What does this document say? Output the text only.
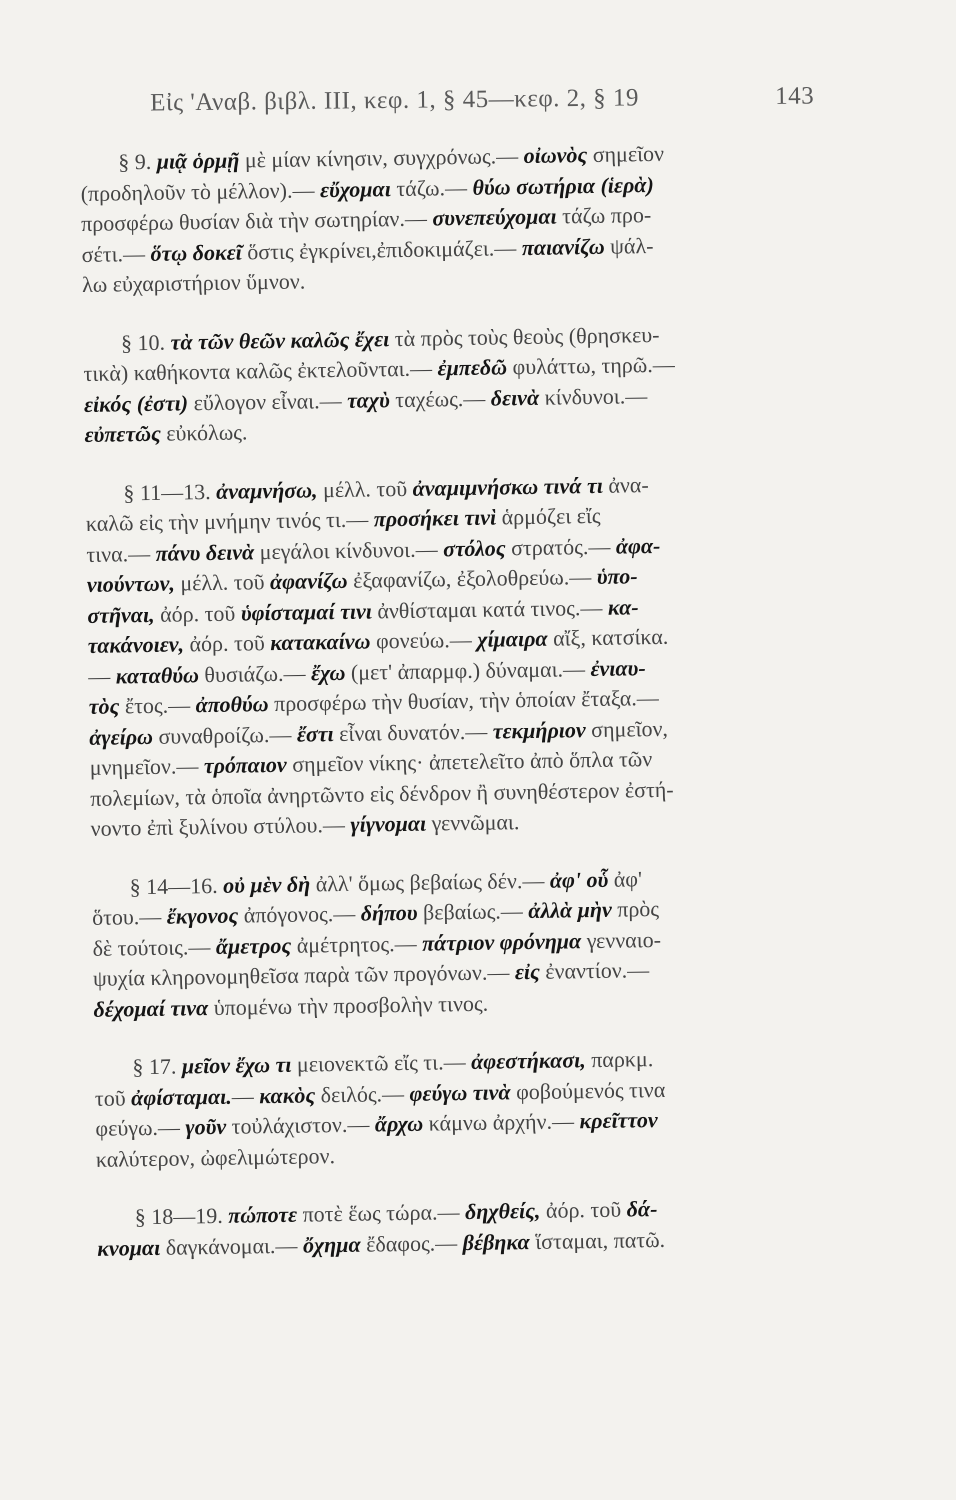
Εἰς 'Αναβ. βιβλ. III, κεφ. 1, § 45—κεφ. 2, § 19	143

§ 9. μιᾷ ὁρμῇ μὲ μίαν κίνησιν, συγχρόνως.— οἰωνὸς σημεῖον

(προδηλοῦν τὸ μέλλον).— εὔχομαι τάζω.— θύω σωτήρια (ἱερὰ)

προσφέρω θυσίαν διὰ τὴν σωτηρίαν.— συνεπεύχομαι τάζω προ-

σέτι.— ὅτῳ δοκεῖ ὅστις ἐγκρίνει,ἐπιδοκιμάζει.— παιανίζω ψάλ-

λω εὐχαριστήριον ὕμνον.

§ 10. τὰ τῶν θεῶν καλῶς ἔχει τὰ πρὸς τοὺς θεοὺς (θρησκευ-

τικὰ) καθήκοντα καλῶς ἐκτελοῦνται.— ἐμπεδῶ φυλάττω, τηρῶ.—

εἰκός (ἐστι) εὔλογον εἶναι.— ταχὺ ταχέως.— δεινὰ κίνδυνοι.—

εὐπετῶς εὐκόλως.

§ 11—13. ἀναμνήσω, μέλλ. τοῦ ἀναμιμνήσκω τινά τι ἀνα-

καλῶ εἰς τὴν μνήμην τινός τι.— προσήκει τινὶ ἁρμόζει εἴς

τινα.— πάνυ δεινὰ μεγάλοι κίνδυνοι.— στόλος στρατός.— ἀφα-

νιούντων, μέλλ. τοῦ ἀφανίζω ἐξαφανίζω, ἐξολοθρεύω.— ὑπο-

στῆναι, ἀόρ. τοῦ ὑφίσταμαί τινι ἀνθίσταμαι κατά τινος.— κα-

τακάνοιεν, ἀόρ. τοῦ κατακαίνω φονεύω.— χίμαιρα αἴξ, κατσίκα.

— καταθύω θυσιάζω.— ἔχω (μετ' ἀπαρμφ.) δύναμαι.— ἐνιαυ-

τὸς ἔτος.— ἀποθύω προσφέρω τὴν θυσίαν, τὴν ὁποίαν ἔταξα.—

ἀγείρω συναθροίζω.— ἔστι εἶναι δυνατόν.— τεκμήριον σημεῖον,

μνημεῖον.— τρόπαιον σημεῖον νίκης· ἀπετελεῖτο ἀπὸ ὅπλα τῶν

πολεμίων, τὰ ὁποῖα ἀνηρτῶντο εἰς δένδρον ἢ συνηθέστερον ἐστή-

νοντο ἐπὶ ξυλίνου στύλου.— γίγνομαι γεννῶμαι.

§ 14—16. οὐ μὲν δὴ ἀλλ' ὅμως βεβαίως δέν.— ἀφ' οὗ ἀφ'

ὅτου.— ἔκγονος ἀπόγονος.— δήπου βεβαίως.— ἀλλὰ μὴν πρὸς

δὲ τούτοις.— ἄμετρος ἀμέτρητος.— πάτριον φρόνημα γενναιο-

ψυχία κληρονομηθεῖσα παρὰ τῶν προγόνων.— εἰς ἐναντίον.—

δέχομαί τινα ὑπομένω τὴν προσβολὴν τινος.

§ 17. μεῖον ἔχω τι μειονεκτῶ εἴς τι.— ἀφεστήκασι, παρκμ.

τοῦ ἀφίσταμαι.— κακὸς δειλός.— φεύγω τινὰ φοβούμενός τινα

φεύγω.— γοῦν τοὐλάχιστον.— ἄρχω κάμνω ἀρχήν.— κρεῖττον

καλύτερον, ὠφελιμώτερον.

§ 18—19. πώποτε ποτὲ ἕως τώρα.— δηχθείς, ἀόρ. τοῦ δά-

κνομαι δαγκάνομαι.— ὄχημα ἔδαφος.— βέβηκα ἵσταμαι, πατῶ.
